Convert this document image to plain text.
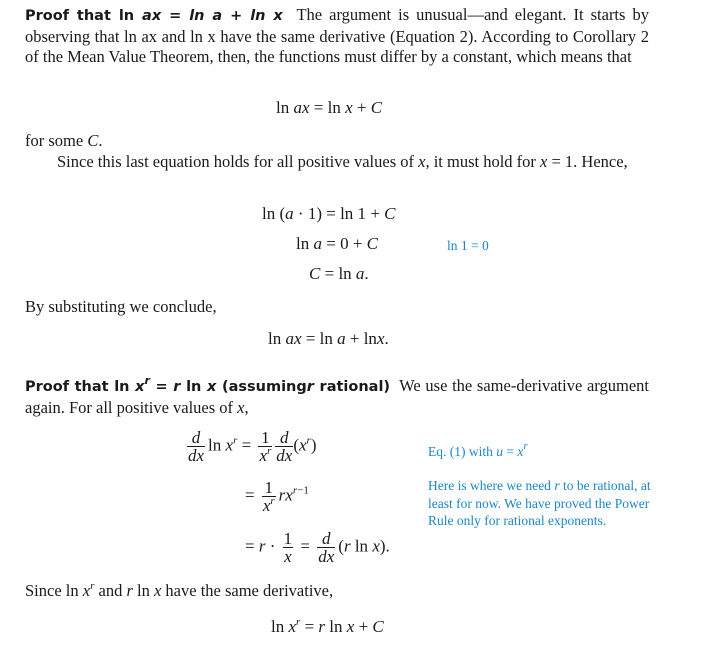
Proof that ln ax = ln a + ln x The argument is unusual—and elegant. It starts by observing that ln ax and ln x have the same derivative (Equation 2). According to Corollary 2 of the Mean Value Theorem, then, the functions must differ by a constant, which means that

ln ax = ln x + C

for some C.

Since this last equation holds for all positive values of x, it must hold for x = 1. Hence,

ln (a · 1) = ln 1 + C
ln a = 0 + C	ln 1 = 0
C = ln a.

By substituting we conclude,

ln ax = ln a + lnx.

Proof that $\ln x^r = r$ ln x (assumingr rational) We use the same-derivative argument again. For all positive values of x,

$\frac{d}{dx}$ $\ln x^r = \frac{1}{x^r} \frac{d}{dx} (x^r)$	Eq. (1) with $u = x^r$
= $\frac{1}{x^r} rx^{r-1}$	Here is where we need r to be rational, at least for now. We have proved the Power Rule only for rational exponents.
= $r \cdot \frac{1}{x} = \frac{d}{dx} (r$ ln x).

Since $\ln x^r$ and r ln x have the same derivative,

$\ln x^r = r$ ln x + C
